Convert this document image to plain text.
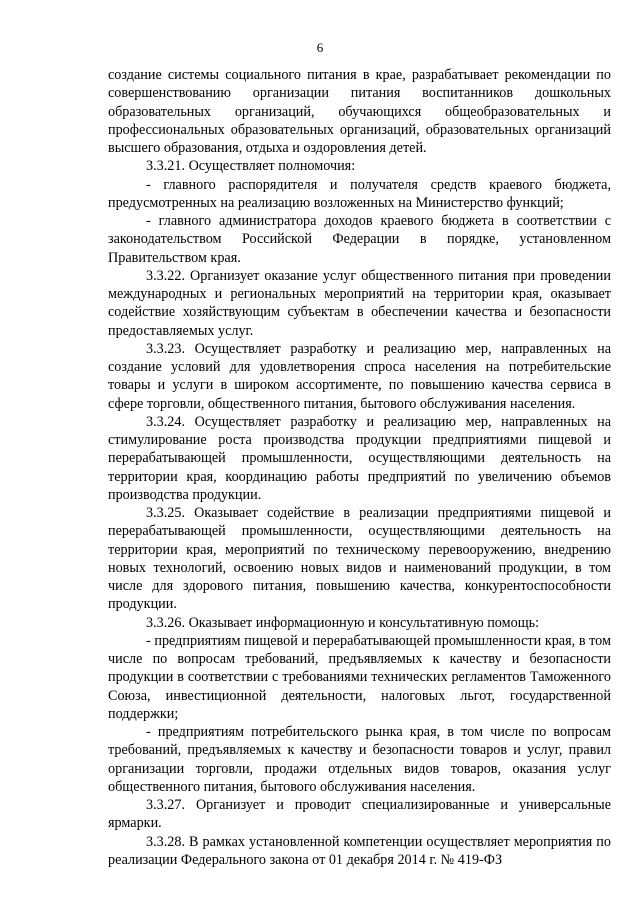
6

создание системы социального питания в крае, разрабатывает рекомендации по совершенствованию организации питания воспитанников дошкольных образовательных организаций, обучающихся общеобразовательных и профессиональных образовательных организаций, образовательных организаций высшего образования, отдыха и оздоровления детей.

3.3.21. Осуществляет полномочия:

- главного распорядителя и получателя средств краевого бюджета, предусмотренных на реализацию возложенных на Министерство функций;

- главного администратора доходов краевого бюджета в соответствии с законодательством Российской Федерации в порядке, установленном Правительством края.

3.3.22. Организует оказание услуг общественного питания при проведении международных и региональных мероприятий на территории края, оказывает содействие хозяйствующим субъектам в обеспечении качества и безопасности предоставляемых услуг.

3.3.23. Осуществляет разработку и реализацию мер, направленных на создание условий для удовлетворения спроса населения на потребительские товары и услуги в широком ассортименте, по повышению качества сервиса в сфере торговли, общественного питания, бытового обслуживания населения.

3.3.24. Осуществляет разработку и реализацию мер, направленных на стимулирование роста производства продукции предприятиями пищевой и перерабатывающей промышленности, осуществляющими деятельность на территории края, координацию работы предприятий по увеличению объемов производства продукции.

3.3.25. Оказывает содействие в реализации предприятиями пищевой и перерабатывающей промышленности, осуществляющими деятельность на территории края, мероприятий по техническому перевооружению, внедрению новых технологий, освоению новых видов и наименований продукции, в том числе для здорового питания, повышению качества, конкурентоспособности продукции.

3.3.26. Оказывает информационную и консультативную помощь:

- предприятиям пищевой и перерабатывающей промышленности края, в том числе по вопросам требований, предъявляемых к качеству и безопасности продукции в соответствии с требованиями технических регламентов Таможенного Союза, инвестиционной деятельности, налоговых льгот, государственной поддержки;

- предприятиям потребительского рынка края, в том числе по вопросам требований, предъявляемых к качеству и безопасности товаров и услуг, правил организации торговли, продажи отдельных видов товаров, оказания услуг общественного питания, бытового обслуживания населения.

3.3.27. Организует и проводит специализированные и универсальные ярмарки.

3.3.28. В рамках установленной компетенции осуществляет мероприятия по реализации Федерального закона от 01 декабря 2014 г. № 419-ФЗ
